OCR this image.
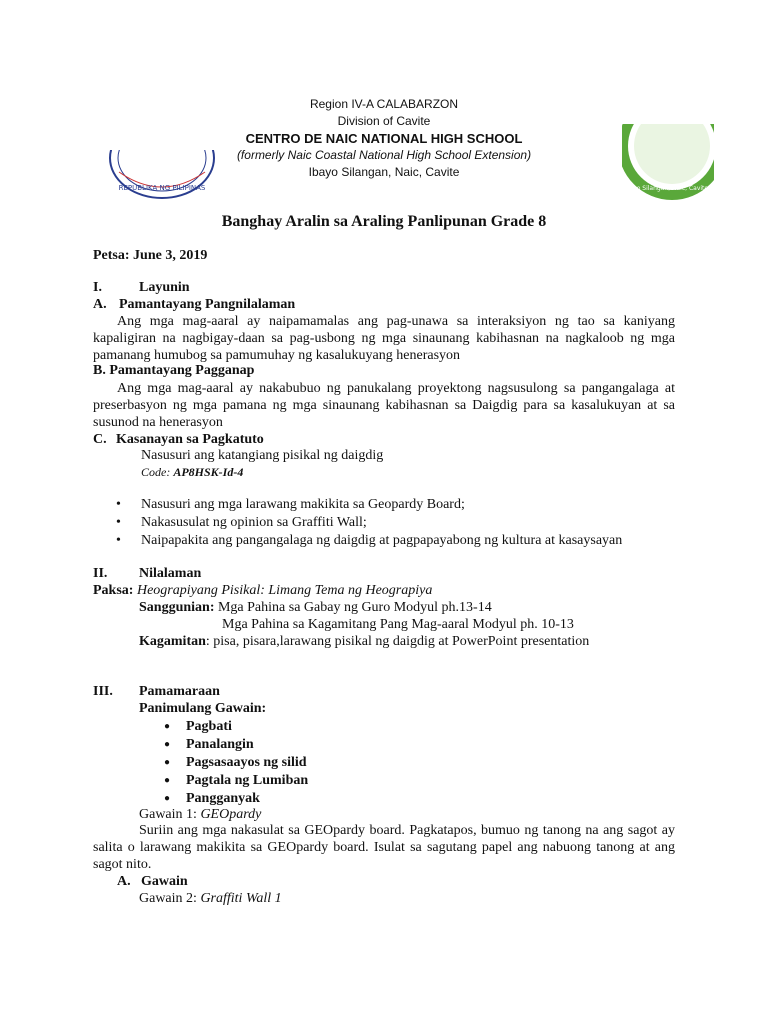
REPUBLIKA NG PILIPINAS	Ibayo Silangan, Naic, Cavite
Region IV-A CALABARZON
Division of Cavite
CENTRO DE NAIC NATIONAL HIGH SCHOOL
(formerly Naic Coastal National High School Extension)
Ibayo Silangan, Naic, Cavite
Banghay Aralin sa Araling Panlipunan Grade 8
Petsa: June 3, 2019
I.	Layunin
A. Pamantayang Pangnilalaman
Ang mga mag-aaral ay naipamamalas ang pag-unawa sa interaksiyon ng tao sa kaniyang kapaligiran na nagbigay-daan sa pag-usbong ng mga sinaunang kabihasnan na nagkaloob ng mga pamanang humubog sa pamumuhay ng kasalukuyang henerasyon
B. Pamantayang Pagganap
Ang mga mag-aaral ay nakabubuo ng panukalang proyektong nagsusulong sa pangangalaga at preserbasyon ng mga pamana ng mga sinaunang kabihasnan sa Daigdig para sa kasalukuyan at sa susunod na henerasyon
C. Kasanayan sa Pagkatuto
Nasusuri ang katangiang pisikal ng daigdig
Code: AP8HSK-Id-4
• Nasusuri ang mga larawang makikita sa Geopardy Board;
• Nakasusulat ng opinion sa Graffiti Wall;
• Naipapakita ang pangangalaga ng daigdig at pagpapayabong ng kultura at kasaysayan
II. Nilalaman
Paksa: Heograpiyang Pisikal: Limang Tema ng Heograpiya
Sanggunian: Mga Pahina sa Gabay ng Guro Modyul ph.13-14
Mga Pahina sa Kagamitang Pang Mag-aaral Modyul ph. 10-13
Kagamitan: pisa, pisara,larawang pisikal ng daigdig at PowerPoint presentation
III. Pamamaraan
Panimulang Gawain:
● Pagbati
● Panalangin
● Pagsasaayos ng silid
● Pagtala ng Lumiban
● Pangganyak
Gawain 1: GEOpardy
Suriin ang mga nakasulat sa GEOpardy board. Pagkatapos, bumuo ng tanong na ang sagot ay salita o larawang makikita sa GEOpardy board. Isulat sa sagutang papel ang nabuong tanong at ang sagot nito.
A. Gawain
Gawain 2: Graffiti Wall 1
